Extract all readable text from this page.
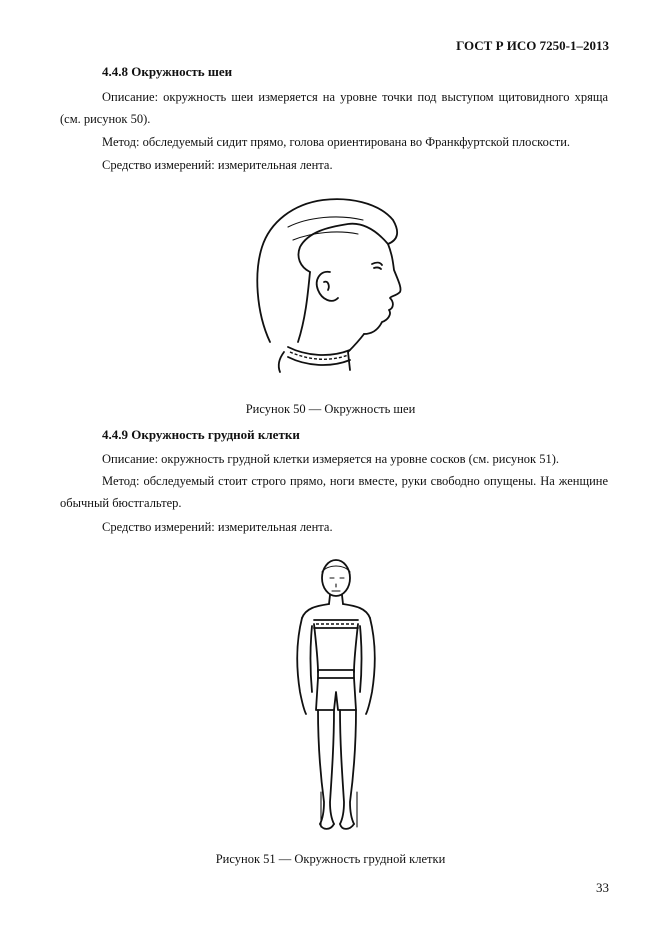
ГОСТ Р ИСО 7250-1–2013
4.4.8 Окружность шеи
Описание: окружность шеи измеряется на уровне точки под выступом щитовидного хряща (см. рисунок 50).
Метод: обследуемый сидит прямо, голова ориентирована во Франкфуртской плоскости.
Средство измерений: измерительная лента.
Рисунок 50 — Окружность шеи
4.4.9 Окружность грудной клетки
Описание: окружность грудной клетки измеряется на уровне сосков (см. рисунок 51).
Метод: обследуемый стоит строго прямо, ноги вместе, руки свободно опущены. На женщине обычный бюстгальтер.
Средство измерений: измерительная лента.
Рисунок 51 — Окружность грудной клетки
33
